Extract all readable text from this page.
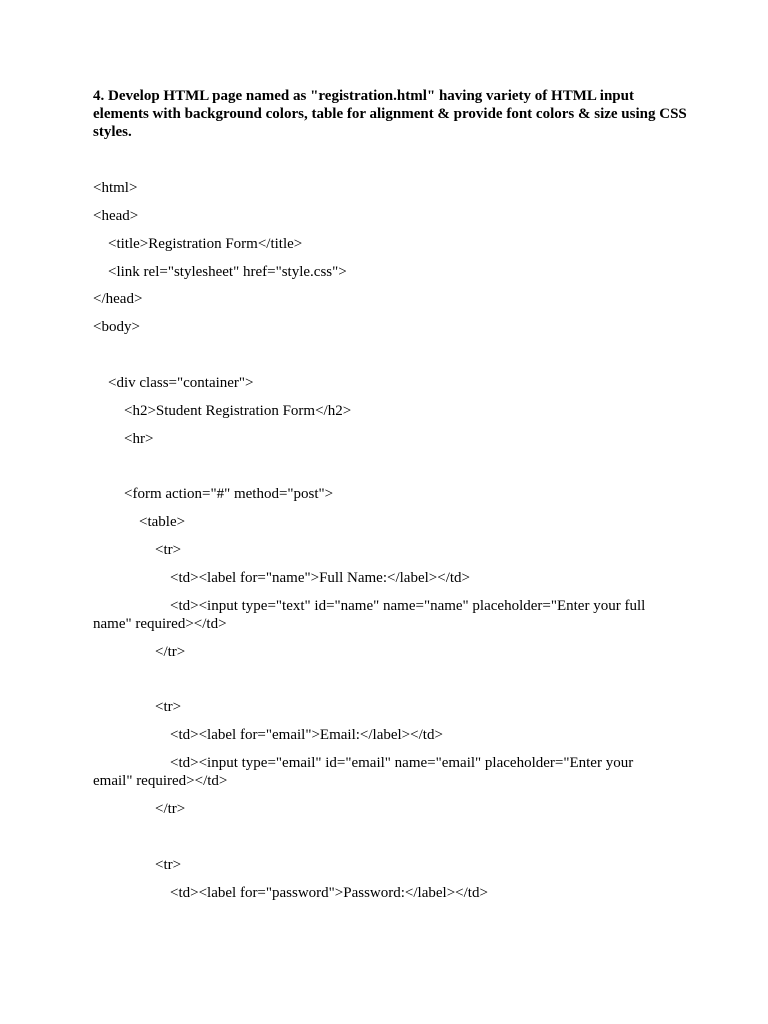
4. Develop HTML page named as "registration.html" having variety of HTML input elements with background colors, table for alignment & provide font colors & size using CSS styles.

<html>

<head>

<title>Registration Form</title>

<link rel="stylesheet" href="style.css">

</head>

<body>

<div class="container">

<h2>Student Registration Form</h2>

<hr>

<form action="#" method="post">

<table>

<tr>

<td><label for="name">Full Name:</label></td>

<td><input type="text" id="name" name="name" placeholder="Enter your full

name" required></td>

</tr>

<tr>

<td><label for="email">Email:</label></td>

<td><input type="email" id="email" name="email" placeholder="Enter your

email" required></td>

</tr>

<tr>

<td><label for="password">Password:</label></td>
